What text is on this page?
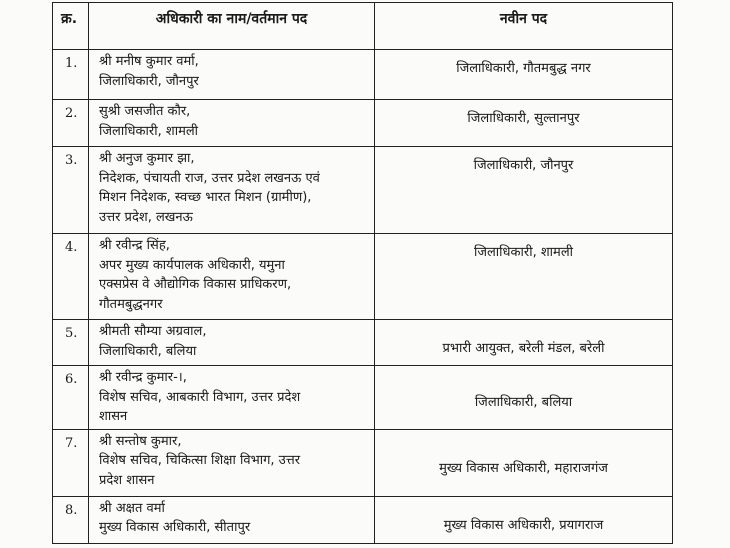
क्र.	अधिकारी का नाम/वर्तमान पद	नवीन पद
1.	श्री मनीष कुमार वर्मा,
जिलाधिकारी, जौनपुर	जिलाधिकारी, गौतमबुद्ध नगर
2.	सुश्री जसजीत कौर,
जिलाधिकारी, शामली	जिलाधिकारी, सुल्तानपुर
3.	श्री अनुज कुमार झा,
निदेशक, पंचायती राज, उत्तर प्रदेश लखनऊ एवं
मिशन निदेशक, स्वच्छ भारत मिशन (ग्रामीण),
उत्तर प्रदेश, लखनऊ	जिलाधिकारी, जौनपुर
4.	श्री रवीन्द्र सिंह,
अपर मुख्य कार्यपालक अधिकारी, यमुना
एक्सप्रेस वे औद्योगिक विकास प्राधिकरण,
गौतमबुद्धनगर	जिलाधिकारी, शामली
5.	श्रीमती सौम्या अग्रवाल,
जिलाधिकारी, बलिया	प्रभारी आयुक्त, बरेली मंडल, बरेली
6.	श्री रवीन्द्र कुमार-।,
विशेष सचिव, आबकारी विभाग, उत्तर प्रदेश
शासन	जिलाधिकारी, बलिया
7.	श्री सन्तोष कुमार,
विशेष सचिव, चिकित्सा शिक्षा विभाग, उत्तर
प्रदेश शासन	मुख्य विकास अधिकारी, महाराजगंज
8.	श्री अक्षत वर्मा
मुख्य विकास अधिकारी, सीतापुर	मुख्य विकास अधिकारी, प्रयागराज
